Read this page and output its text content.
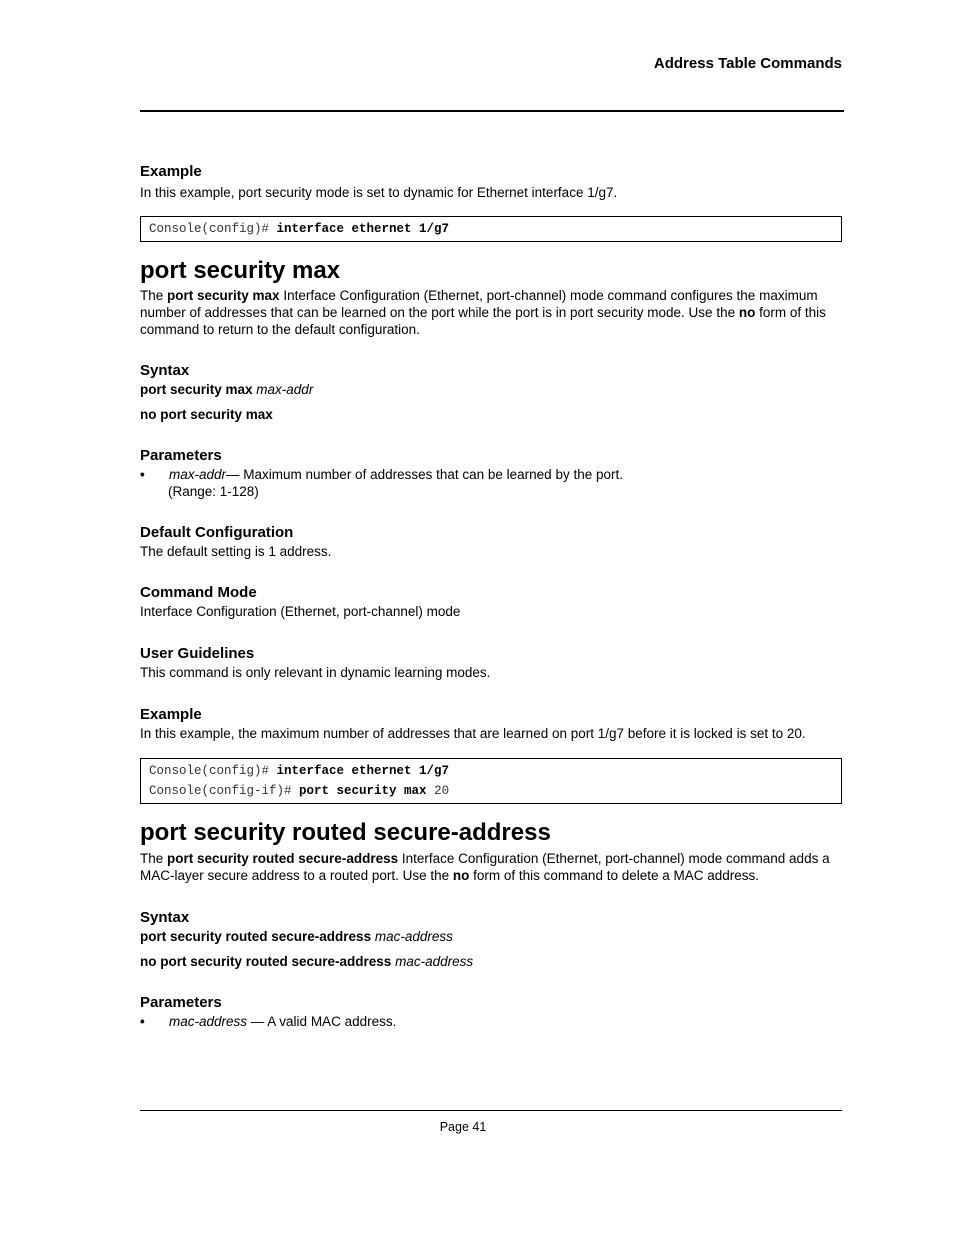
Address Table Commands
Example

In this example, port security mode is set to dynamic for Ethernet interface 1/g7.

Console(config)# interface ethernet 1/g7
port security max

The port security max Interface Configuration (Ethernet, port-channel) mode command configures the maximum number of addresses that can be learned on the port while the port is in port security mode. Use the no form of this command to return to the default configuration.

Syntax

port security max max-addr

no port security max

Parameters
• max-addr— Maximum number of addresses that can be learned by the port.
(Range: 1-128)
Default Configuration

The default setting is 1 address.

Command Mode

Interface Configuration (Ethernet, port-channel) mode

User Guidelines

This command is only relevant in dynamic learning modes.

Example

In this example, the maximum number of addresses that are learned on port 1/g7 before it is locked is set to 20.

Console(config)# interface ethernet 1/g7
Console(config-if)# port security max 20
port security routed secure-address

The port security routed secure-address Interface Configuration (Ethernet, port-channel) mode command adds a MAC-layer secure address to a routed port. Use the no form of this command to delete a MAC address.

Syntax

port security routed secure-address mac-address

no port security routed secure-address mac-address

Parameters
• mac-address — A valid MAC address.
Page 41
